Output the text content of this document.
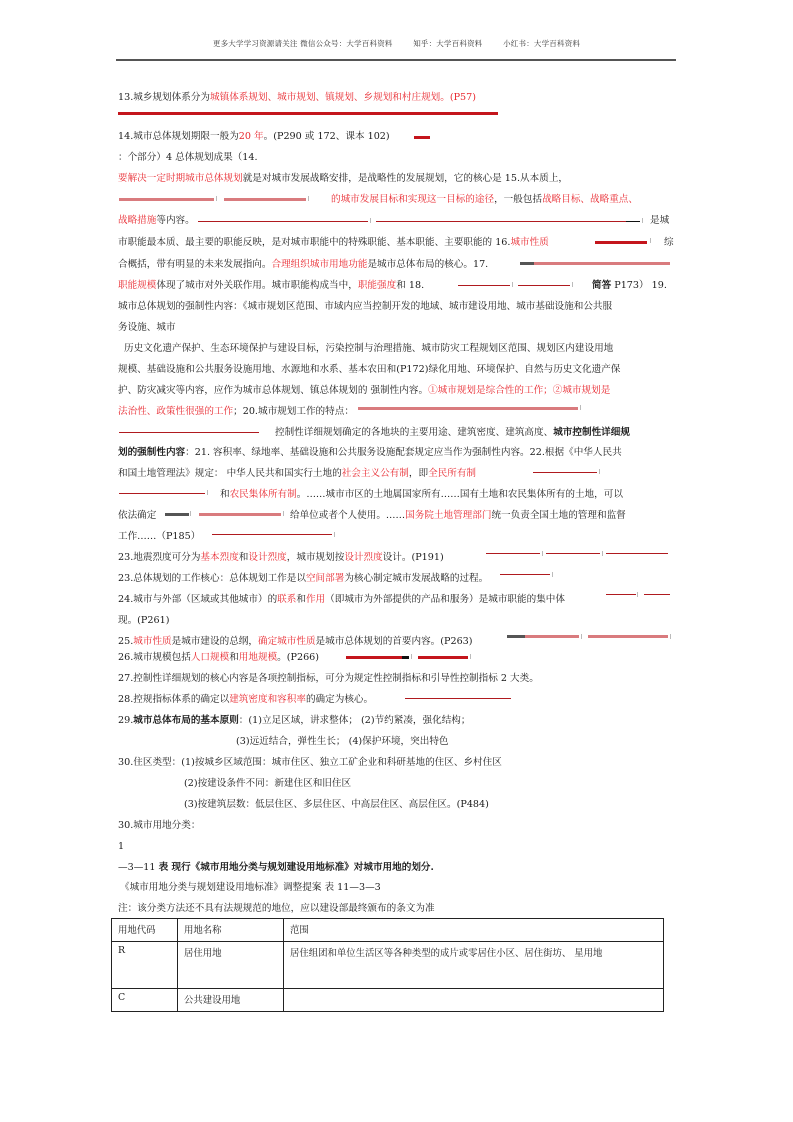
更多大学学习资源请关注 微信公众号：大学百科资料	知乎：大学百科资料	小红书：大学百科资料
13.城乡规划体系分为城镇体系规划、城市规划、镇规划、乡规划和村庄规划。(P57)
14.城市总体规划期限一般为20 年。(P290 或 172、课本 102)
：个部分）4 总体规划成果（14.
要解决一定时期城市总体规划就是对城市发展战略安排，是战略性的发展规划，它的核心是 15.从本质上，
的城市发展目标和实现这一目标的途径，一般包括战略目标、战略重点、
战略措施等内容。	是城
市职能最本质、最主要的职能反映，是对城市职能中的特殊职能、基本职能、主要职能的 16.城市性质	综
合概括，带有明显的未来发展指向。合理组织城市用地功能是城市总体布局的核心。17.
职能规模体现了城市对外关联作用。城市职能构成当中，职能强度和 18.	简答 P173） 19.
城市总体规划的强制性内容：《城市规划区范围、市域内应当控制开发的地域、城市建设用地、城市基础设施和公共服
务设施、城市
历史文化遗产保护、生态环境保护与建设目标，污染控制与治理措施、城市防灾工程规划区范围、规划区内建设用地
规模、基础设施和公共服务设施用地、水源地和水系、基本农田和(P172)绿化用地、环境保护、自然与历史文化遗产保
护、防灾减灾等内容，应作为城市总体规划、镇总体规划的 强制性内容。①城市规划是综合性的工作；②城市规划是
法治性、政策性很强的工作；20.城市规划工作的特点：
控制性详细规划确定的各地块的主要用途、建筑密度、建筑高度、城市控制性详细规
划的强制性内容：21. 容积率、绿地率、基础设施和公共服务设施配套规定应当作为强制性内容。22.根据《中华人民共
和国土地管理法》规定： 中华人民共和国实行土地的社会主义公有制，即全民所有制
和农民集体所有制。……城市市区的土地属国家所有……国有土地和农民集体所有的土地，可以
依法确定	给单位或者个人使用。……国务院土地管理部门统一负责全国土地的管理和监督
工作……（P185）
23.地震烈度可分为基本烈度和设计烈度，城市规划按设计烈度设计。(P191)
23.总体规划的工作核心：总体规划工作是以空间部署为核心制定城市发展战略的过程。
24.城市与外部（区域或其他城市）的联系和作用（即城市为外部提供的产品和服务）是城市职能的集中体
现。(P261)
25.城市性质是城市建设的总纲，确定城市性质是城市总体规划的首要内容。(P263)
26.城市规模包括人口规模和用地规模。(P266)
27.控制性详细规划的核心内容是各项控制指标，可分为规定性控制指标和引导性控制指标 2 大类。
28.控规指标体系的确定以建筑密度和容积率的确定为核心。
29.城市总体布局的基本原则：(1)立足区域，讲求整体； (2)节约紧凑，强化结构；
(3)远近结合，弹性生长； (4)保护环境，突出特色
30.住区类型：(1)按城乡区域范围：城市住区、独立工矿企业和科研基地的住区、乡村住区
(2)按建设条件不同：新建住区和旧住区
(3)按建筑层数：低层住区、多层住区、中高层住区、高层住区。(P484)
30.城市用地分类：
1
—3—11 表 现行《城市用地分类与规划建设用地标准》对城市用地的划分.
《城市用地分类与规划建设用地标准》调整提案 表 11—3—3
注：该分类方法还不具有法规规范的地位，应以建设部最终颁布的条文为准
用地代码	用地名称	范围
R	居住用地	居住组团和单位生活区等各种类型的成片或零居住小区、居住街坊、 星用地
C	公共建设用地	
